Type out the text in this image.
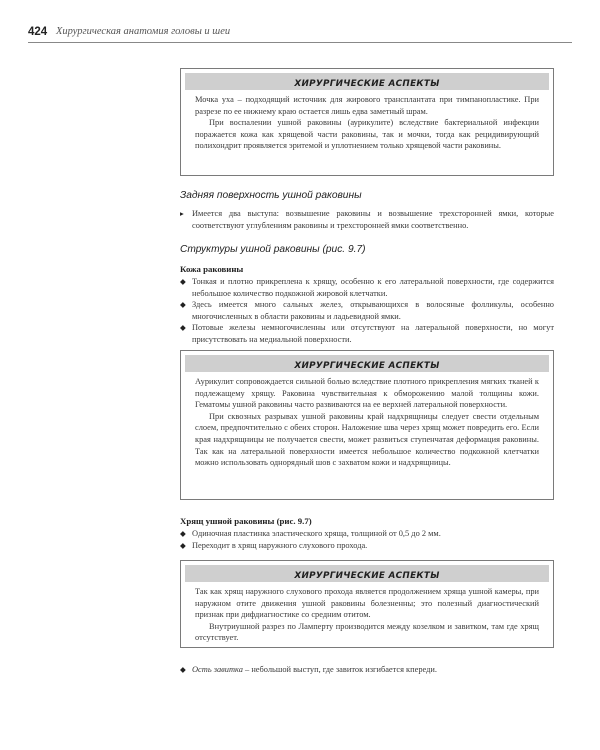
424 Хирургическая анатомия головы и шеи
ХИРУРГИЧЕСКИЕ АСПЕКТЫ

Мочка уха – подходящий источник для жирового трансплантата при тимпанопластике. При разрезе по ее нижнему краю остается лишь едва заметный шрам.

При воспалении ушной раковины (аурикулите) вследствие бактериальной инфекции поражается кожа как хрящевой части раковины, так и мочки, тогда как рецидивирующий полихондрит проявляется эритемой и уплотнением только хрящевой части раковины.

Задняя поверхность ушной раковины
▸ Имеется два выступа: возвышение раковины и возвышение трехсторонней ямки, которые соответствуют углублениям раковины и трехсторонней ямки соответственно.
Структуры ушной раковины (рис. 9.7)
Кожа раковины
◆ Тонкая и плотно прикреплена к хрящу, особенно к его латеральной поверхности, где содержится небольшое количество подкожной жировой клетчатки.
◆ Здесь имеется много сальных желез, открывающихся в волосяные фолликулы, особенно многочисленных в области раковины и ладьевидной ямки.
◆ Потовые железы немногочисленны или отсутствуют на латеральной поверхности, но могут присутствовать на медиальной поверхности.
ХИРУРГИЧЕСКИЕ АСПЕКТЫ

Аурикулит сопровождается сильной болью вследствие плотного прикрепления мягких тканей к подлежащему хрящу. Раковина чувствительная к обморожению малой толщины кожи. Гематомы ушной раковины часто развиваются на ее верхней латеральной поверхности.

При сквозных разрывах ушной раковины край надхрящницы следует свести отдельным слоем, предпочтительно с обеих сторон. Наложение шва через хрящ может повредить его. Если края надхрящницы не получается свести, может развиться ступенчатая деформация раковины. Так как на латеральной поверхности имеется небольшое количество подкожной клетчатки можно использовать однорядный шов с захватом кожи и надхрящницы.

Хрящ ушной раковины (рис. 9.7)
◆ Одиночная пластинка эластического хряща, толщиной от 0,5 до 2 мм.
◆ Переходит в хрящ наружного слухового прохода.
ХИРУРГИЧЕСКИЕ АСПЕКТЫ

Так как хрящ наружного слухового прохода является продолжением хряща ушной камеры, при наружном отите движения ушной раковины болезненны; это полезный диагностический признак при дифдиагностике со средним отитом.

Внутриушной разрез по Ламперту производится между козелком и завитком, там где хрящ отсутствует.

◆ Ость завитка – небольшой выступ, где завиток изгибается кпереди.
